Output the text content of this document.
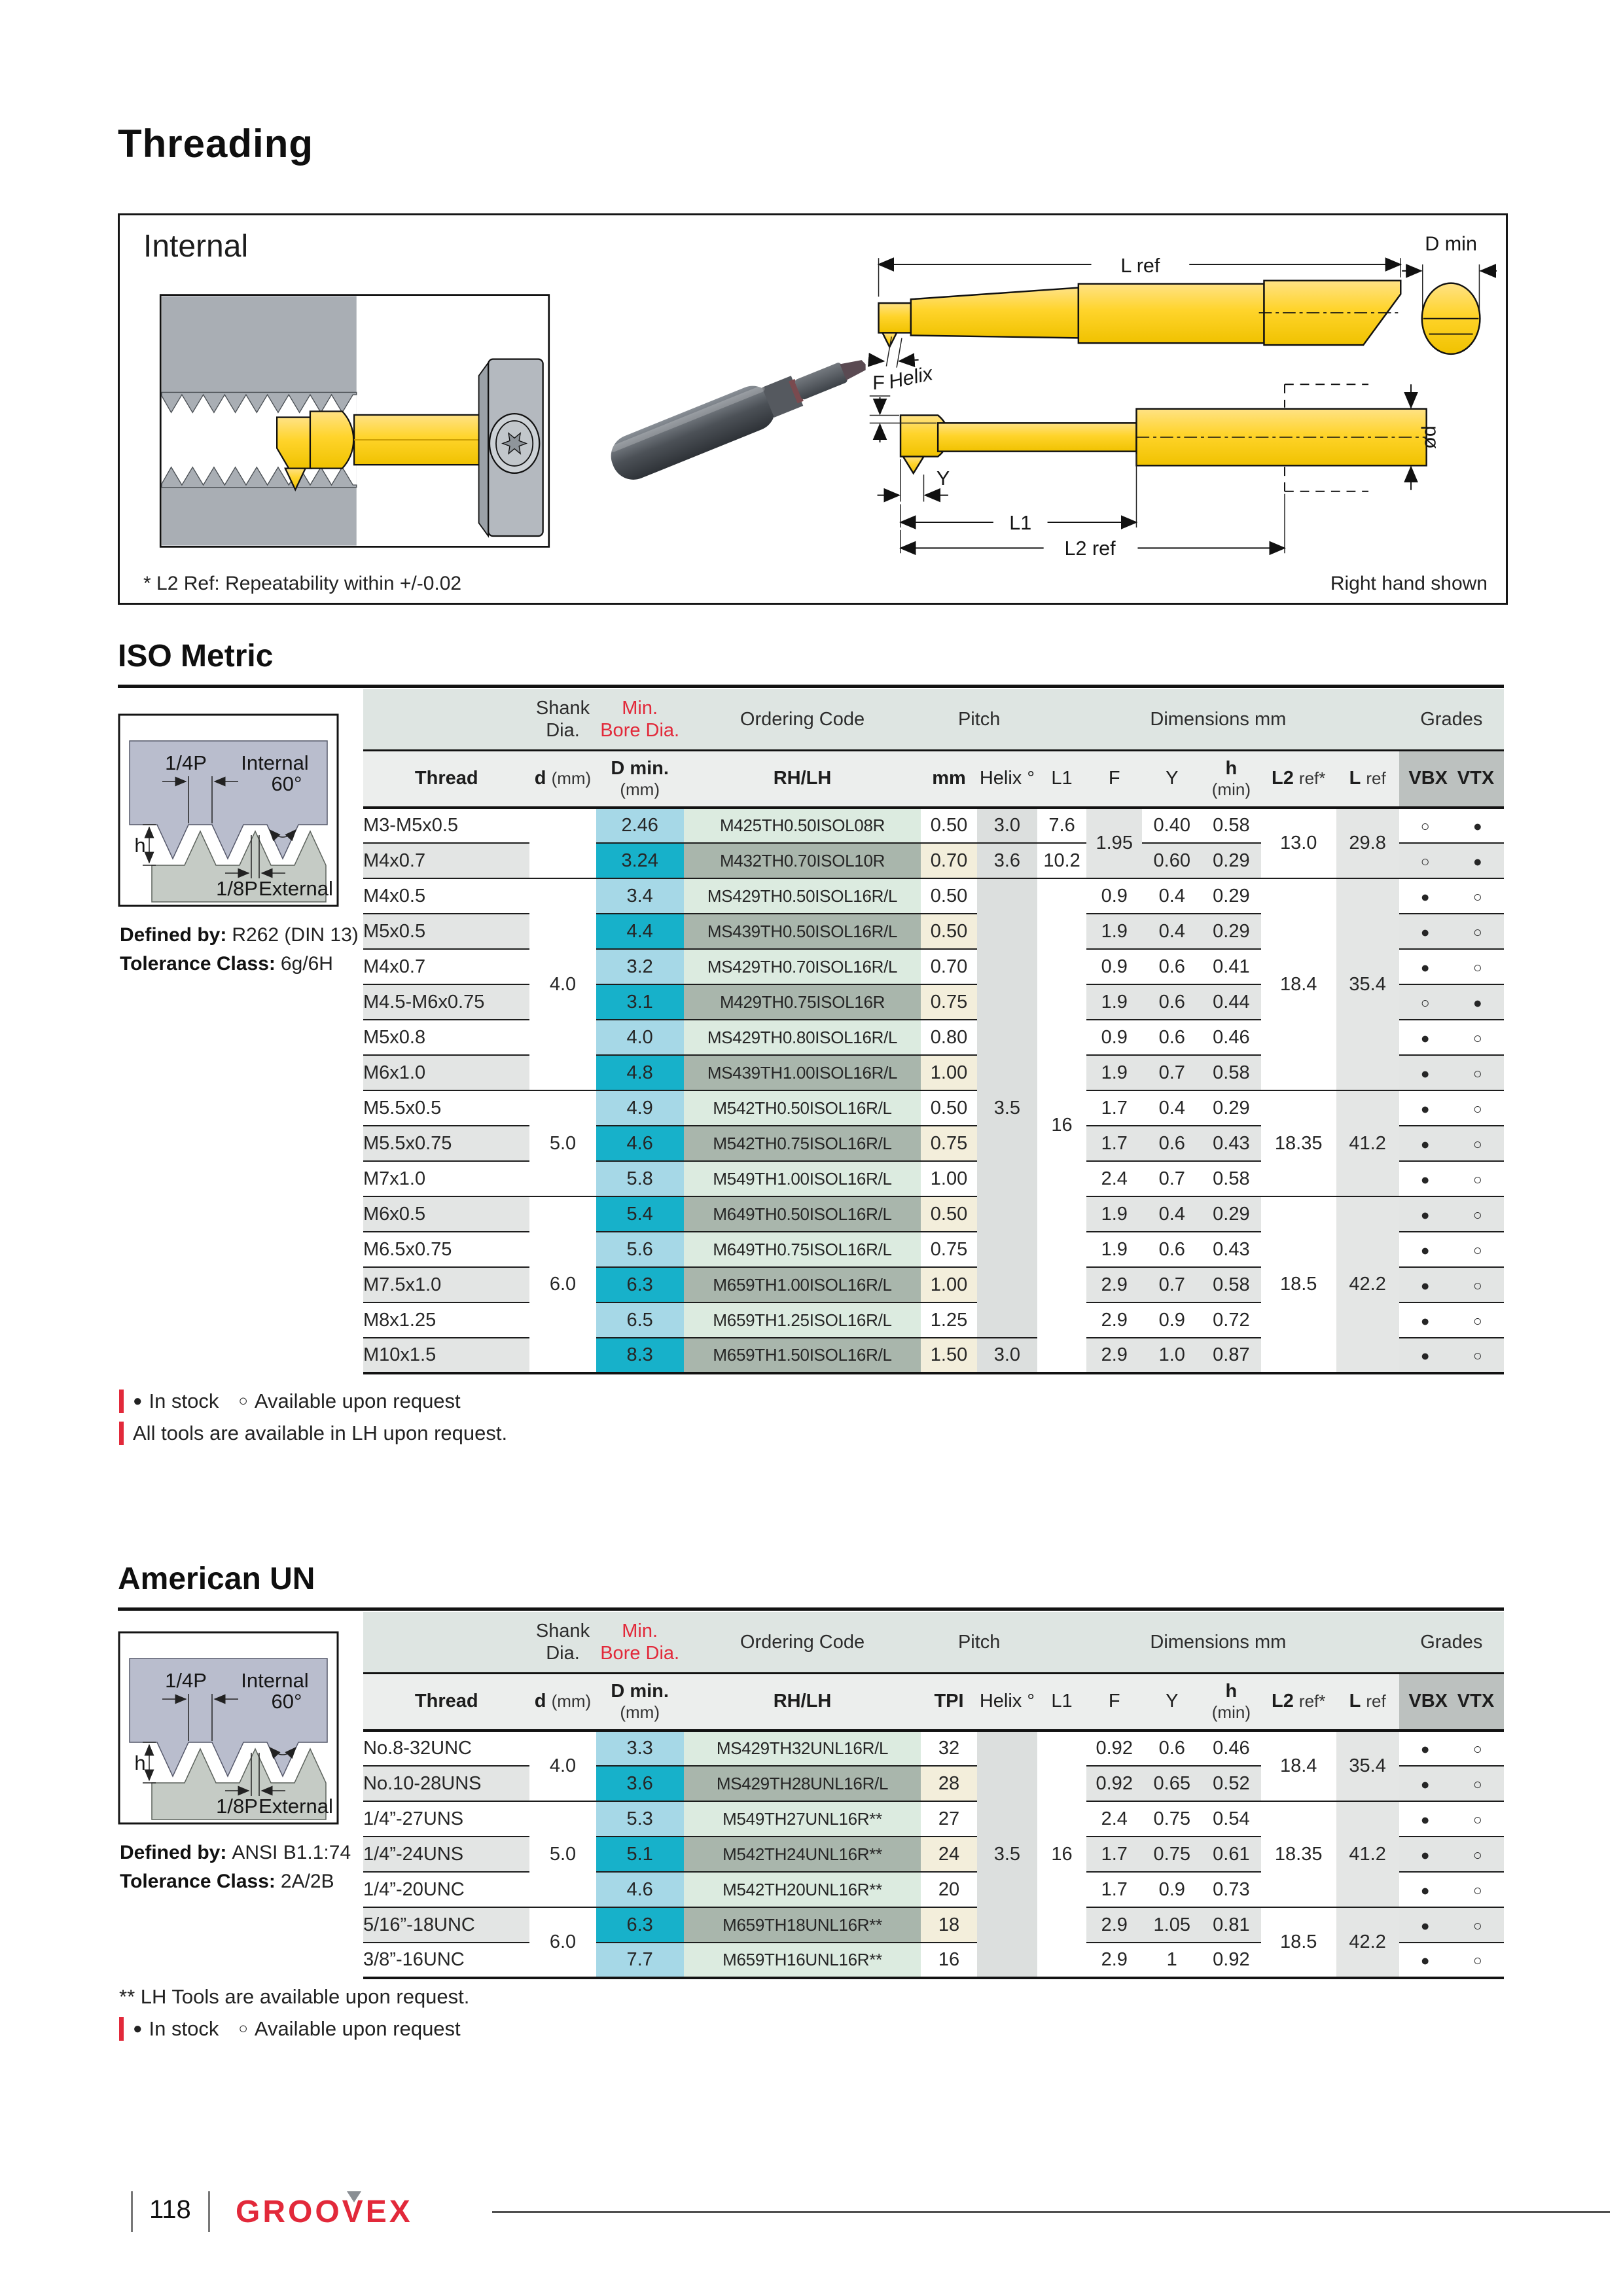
Threading
Internal
L ref
D min
Helix
F
Y
L1
L2 ref
ød
* L2 Ref: Repeatability within +/-0.02	Right hand shown
ISO Metric
1/4P Internal
60°
h
1/8P External
Defined by: R262 (DIN 13)
Tolerance Class: 6g/6H

	Shank
Dia.	Min.
Bore Dia.	Ordering Code	Pitch		Dimensions mm						Grades	
Thread	d (mm)	D min.
(mm)
	RH/LH	mm	Helix °	L1	F	Y	h
(min)
	L2 ref*	L ref	VBX VTX

M3-M5x0.5		2.46	M425TH0.50ISOL08R	0.50	3.0	7.6	1.95	0.40	0.58	13.0	29.8	○	●
M4x0.7		3.24	M432TH0.70ISOL10R	0.70	3.6	10.2		0.60	0.29			○	●
M4x0.5	4.0	3.4	MS429TH0.50ISOL16R/L	0.50	3.5	16	0.9	0.4	0.29	18.4	35.4	●	○
M5x0.5		4.4	MS439TH0.50ISOL16R/L	0.50			1.9	0.4	0.29			●	○
M4x0.7		3.2	MS429TH0.70ISOL16R/L	0.70			0.9	0.6	0.41			●	○
M4.5-M6x0.75		3.1	M429TH0.75ISOL16R	0.75			1.9	0.6	0.44			○	●
M5x0.8		4.0	MS429TH0.80ISOL16R/L	0.80			0.9	0.6	0.46			●	○
M6x1.0		4.8	MS439TH1.00ISOL16R/L	1.00			1.9	0.7	0.58			●	○
M5.5x0.5	5.0	4.9	M542TH0.50ISOL16R/L	0.50			1.7	0.4	0.29	18.35	41.2	●	○
M5.5x0.75		4.6	M542TH0.75ISOL16R/L	0.75			1.7	0.6	0.43			●	○
M7x1.0		5.8	M549TH1.00ISOL16R/L	1.00			2.4	0.7	0.58			●	○
M6x0.5	6.0	5.4	M649TH0.50ISOL16R/L	0.50			1.9	0.4	0.29	18.5	42.2	●	○
M6.5x0.75		5.6	M649TH0.75ISOL16R/L	0.75			1.9	0.6	0.43			●	○
M7.5x1.0		6.3	M659TH1.00ISOL16R/L	1.00			2.9	0.7	0.58			●	○
M8x1.25		6.5	M659TH1.25ISOL16R/L	1.25			2.9	0.9	0.72			●	○
M10x1.5		8.3	M659TH1.50ISOL16R/L	1.50	3.0		2.9	1.0	0.87			●	○
● In stock ○ Available upon request
All tools are available in LH upon request.
American UN
1/4P Internal
60°
h
1/8P External
Defined by: ANSI B1.1:74
Tolerance Class: 2A/2B

	Shank
Dia.	Min.
Bore Dia.	Ordering Code	Pitch		Dimensions mm						Grades	
Thread	d (mm)	D min.
(mm)
	RH/LH	TPI	Helix °	L1	F	Y	h
(min)
	L2 ref*	L ref	VBX VTX

No.8-32UNC	4.0	3.3	MS429TH32UNL16R/L	32	3.5	16	0.92	0.6	0.46	18.4	35.4	●	○
No.10-28UNS		3.6	MS429TH28UNL16R/L	28			0.92	0.65	0.52			●	○
1/4”-27UNS	5.0	5.3	M549TH27UNL16R**	27			2.4	0.75	0.54	18.35	41.2	●	○
1/4”-24UNS		5.1	M542TH24UNL16R**	24			1.7	0.75	0.61			●	○
1/4”-20UNC		4.6	M542TH20UNL16R**	20			1.7	0.9	0.73			●	○
5/16”-18UNC	6.0	6.3	M659TH18UNL16R**	18			2.9	1.05	0.81	18.5	42.2	●	○
3/8”-16UNC		7.7	M659TH16UNL16R**	16			2.9	1	0.92			●	○
** LH Tools are available upon request.
● In stock ○ Available upon request
118 GROOVEX
